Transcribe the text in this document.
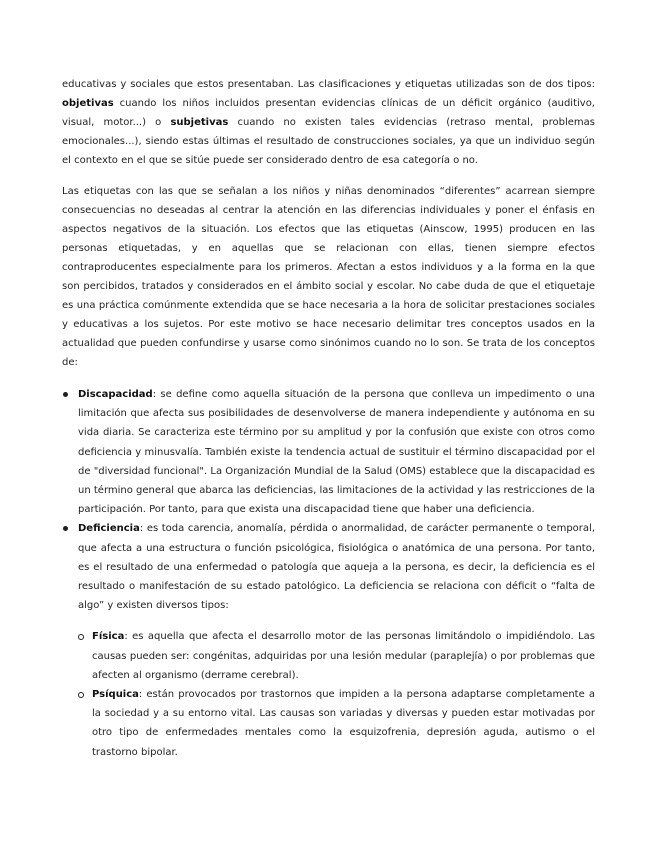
educativas y sociales que estos presentaban. Las clasificaciones y etiquetas utilizadas son de dos tipos: objetivas cuando los niños incluidos presentan evidencias clínicas de un déficit orgánico (auditivo, visual, motor...) o subjetivas cuando no existen tales evidencias (retraso mental, problemas emocionales...), siendo estas últimas el resultado de construcciones sociales, ya que un individuo según el contexto en el que se sitúe puede ser considerado dentro de esa categoría o no.

Las etiquetas con las que se señalan a los niños y niñas denominados “diferentes” acarrean siempre consecuencias no deseadas al centrar la atención en las diferencias individuales y poner el énfasis en aspectos negativos de la situación. Los efectos que las etiquetas (Ainscow, 1995) producen en las personas etiquetadas, y en aquellas que se relacionan con ellas, tienen siempre efectos contraproducentes especialmente para los primeros. Afectan a estos individuos y a la forma en la que son percibidos, tratados y considerados en el ámbito social y escolar. No cabe duda de que el etiquetaje es una práctica comúnmente extendida que se hace necesaria a la hora de solicitar prestaciones sociales y educativas a los sujetos. Por este motivo se hace necesario delimitar tres conceptos usados en la actualidad que pueden confundirse y usarse como sinónimos cuando no lo son. Se trata de los conceptos de:

Discapacidad: se define como aquella situación de la persona que conlleva un impedimento o una limitación que afecta sus posibilidades de desenvolverse de manera independiente y autónoma en su vida diaria. Se caracteriza este término por su amplitud y por la confusión que existe con otros como deficiencia y minusvalía. También existe la tendencia actual de sustituir el término discapacidad por el de "diversidad funcional". La Organización Mundial de la Salud (OMS) establece que la discapacidad es un término general que abarca las deficiencias, las limitaciones de la actividad y las restricciones de la participación. Por tanto, para que exista una discapacidad tiene que haber una deficiencia.
Deficiencia: es toda carencia, anomalía, pérdida o anormalidad, de carácter permanente o temporal, que afecta a una estructura o función psicológica, fisiológica o anatómica de una persona. Por tanto, es el resultado de una enfermedad o patología que aqueja a la persona, es decir, la deficiencia es el resultado o manifestación de su estado patológico. La deficiencia se relaciona con déficit o “falta de algo” y existen diversos tipos:
Física: es aquella que afecta el desarrollo motor de las personas limitándolo o impidiéndolo. Las causas pueden ser: congénitas, adquiridas por una lesión medular (paraplejía) o por problemas que afecten al organismo (derrame cerebral).
Psíquica: están provocados por trastornos que impiden a la persona adaptarse completamente a la sociedad y a su entorno vital. Las causas son variadas y diversas y pueden estar motivadas por otro tipo de enfermedades mentales como la esquizofrenia, depresión aguda, autismo o el trastorno bipolar.
